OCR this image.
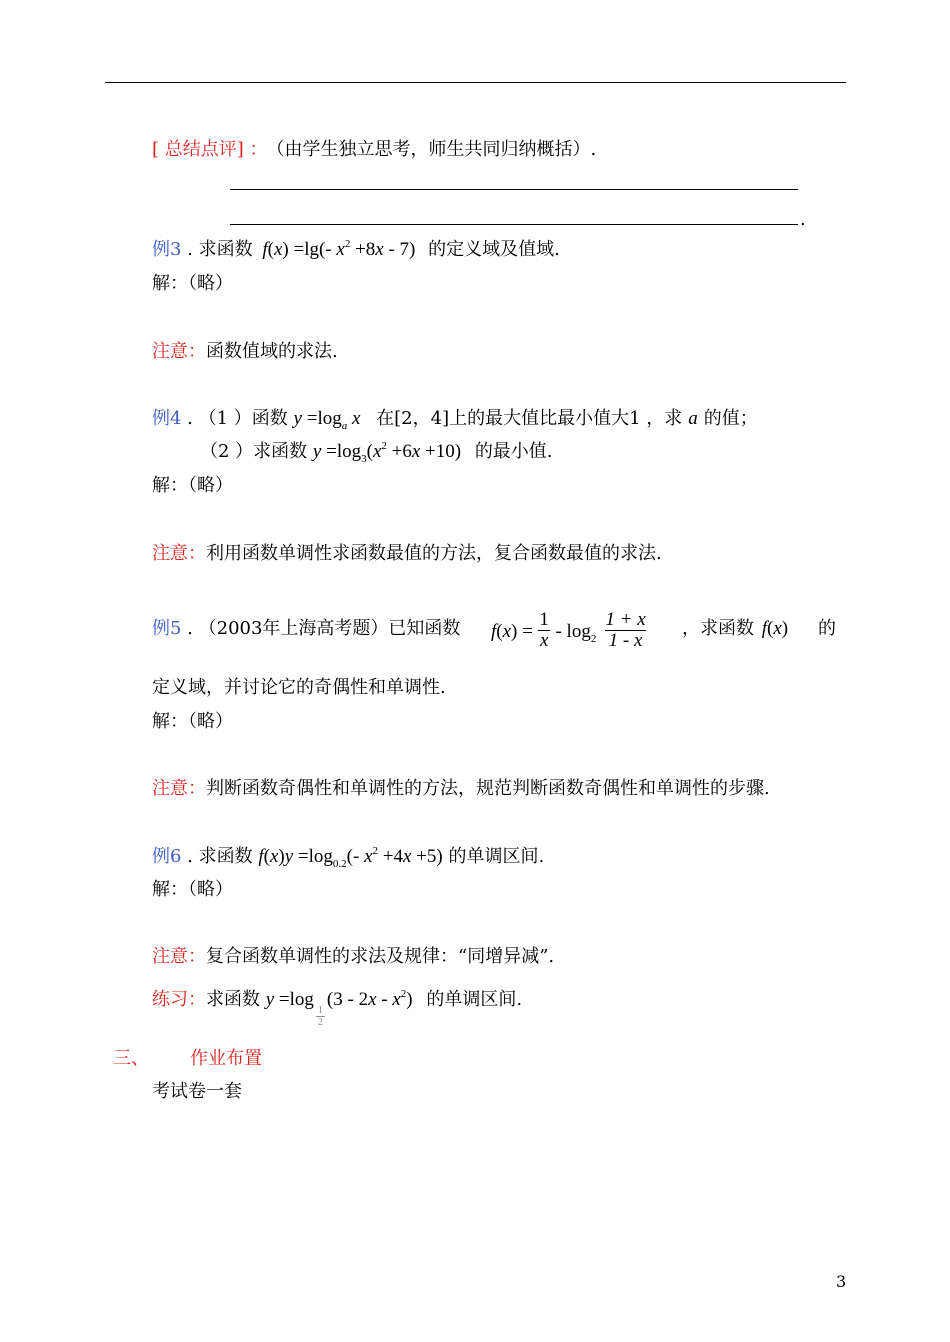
[ 总结点评] ： （由学生独立思考，师生共同归纳概括）.
.
例3 . 求函数 f(x) =lg(- $x^2 +8x - 7$) 的定义域及值域.
解：（略）
注意：函数值域的求法.
例4 . （1 ）函数 $y =\log_a$ x 在[2，4]上的最大值比最小值大1 ，求 a 的值；
（2 ）求函数 $y =\log_3(x^2 +6x +10)$ 的最小值.
解：（略）
注意：利用函数单调性求函数最值的方法，复合函数最值的求法.
例5 . （2003年上海高考题）已知函数 $f(x) = \frac{1}{x} - \log_2 \frac{1 + x}{1 - x}$ ，求函数 f(x) 的
定义域，并讨论它的奇偶性和单调性.
解：（略）
注意：判断函数奇偶性和单调性的方法，规范判断函数奇偶性和单调性的步骤.
例6 . 求函数 $f(x)y =\log_{0.2}(-$ $x^2 +4x +5$) 的单调区间.
解：（略）
注意：复合函数单调性的求法及规律：“同增异减”.
练习：求函数 y =log
$\frac{1}{2}$
$(3 - 2x - x^2)$ 的单调区间.
三、 作业布置
考试卷一套
3
